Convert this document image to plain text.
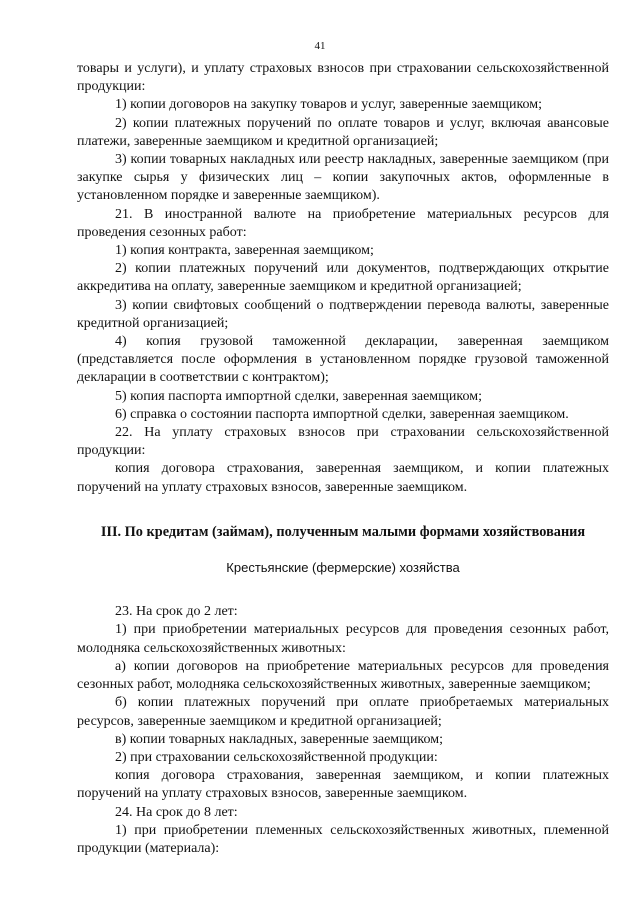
41

товары и услуги), и уплату страховых взносов при страховании сельскохозяйственной продукции:

1) копии договоров на закупку товаров и услуг, заверенные заемщиком;

2) копии платежных поручений по оплате товаров и услуг, включая авансовые платежи, заверенные заемщиком и кредитной организацией;

3) копии товарных накладных или реестр накладных, заверенные заемщиком (при закупке сырья у физических лиц – копии закупочных актов, оформленные в установленном порядке и заверенные заемщиком).

21. В иностранной валюте на приобретение материальных ресурсов для проведения сезонных работ:

1) копия контракта, заверенная заемщиком;

2) копии платежных поручений или документов, подтверждающих открытие аккредитива на оплату, заверенные заемщиком и кредитной организацией;

3) копии свифтовых сообщений о подтверждении перевода валюты, заверенные кредитной организацией;

4) копия грузовой таможенной декларации, заверенная заемщиком (представляется после оформления в установленном порядке грузовой таможенной декларации в соответствии с контрактом);

5) копия паспорта импортной сделки, заверенная заемщиком;

6) справка о состоянии паспорта импортной сделки, заверенная заемщиком.

22. На уплату страховых взносов при страховании сельскохозяйственной продукции:

копия договора страхования, заверенная заемщиком, и копии платежных поручений на уплату страховых взносов, заверенные заемщиком.

III. По кредитам (займам), полученным малыми формами хозяйствования

Крестьянские (фермерские) хозяйства

23. На срок до 2 лет:

1) при приобретении материальных ресурсов для проведения сезонных работ, молодняка сельскохозяйственных животных:

а) копии договоров на приобретение материальных ресурсов для проведения сезонных работ, молодняка сельскохозяйственных животных, заверенные заемщиком;

б) копии платежных поручений при оплате приобретаемых материальных ресурсов, заверенные заемщиком и кредитной организацией;

в) копии товарных накладных, заверенные заемщиком;

2) при страховании сельскохозяйственной продукции:

копия договора страхования, заверенная заемщиком, и копии платежных поручений на уплату страховых взносов, заверенные заемщиком.

24. На срок до 8 лет:

1) при приобретении племенных сельскохозяйственных животных, племенной продукции (материала):
